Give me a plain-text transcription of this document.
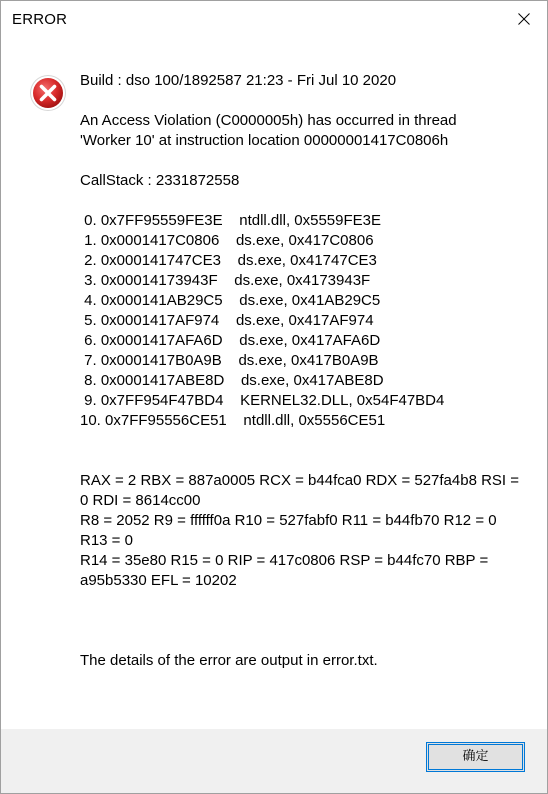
ERROR

Build : dso 100/1892587 21:23 - Fri Jul 10 2020

An Access Violation (C0000005h) has occurred in thread

'Worker 10' at instruction location 00000001417C0806h

CallStack : 2331872558

0. 0x7FF95559FE3E    ntdll.dll, 0x5559FE3E
1. 0x0001417C0806    ds.exe, 0x417C0806
2. 0x000141747CE3    ds.exe, 0x41747CE3
3. 0x00014173943F    ds.exe, 0x4173943F
4. 0x000141AB29C5    ds.exe, 0x41AB29C5
5. 0x0001417AF974    ds.exe, 0x417AF974
6. 0x0001417AFA6D    ds.exe, 0x417AFA6D
7. 0x0001417B0A9B    ds.exe, 0x417B0A9B
8. 0x0001417ABE8D    ds.exe, 0x417ABE8D
9. 0x7FF954F47BD4    KERNEL32.DLL, 0x54F47BD4
10. 0x7FF95556CE51    ntdll.dll, 0x5556CE51

RAX = 2 RBX = 887a0005 RCX = b44fca0 RDX = 527fa4b8 RSI =

0 RDI = 8614cc00

R8 = 2052 R9 = ffffff0a R10 = 527fabf0 R11 = b44fb70 R12 = 0

R13 = 0

R14 = 35e80 R15 = 0 RIP = 417c0806 RSP = b44fc70 RBP =

a95b5330 EFL = 10202

The details of the error are output in error.txt.

确定
